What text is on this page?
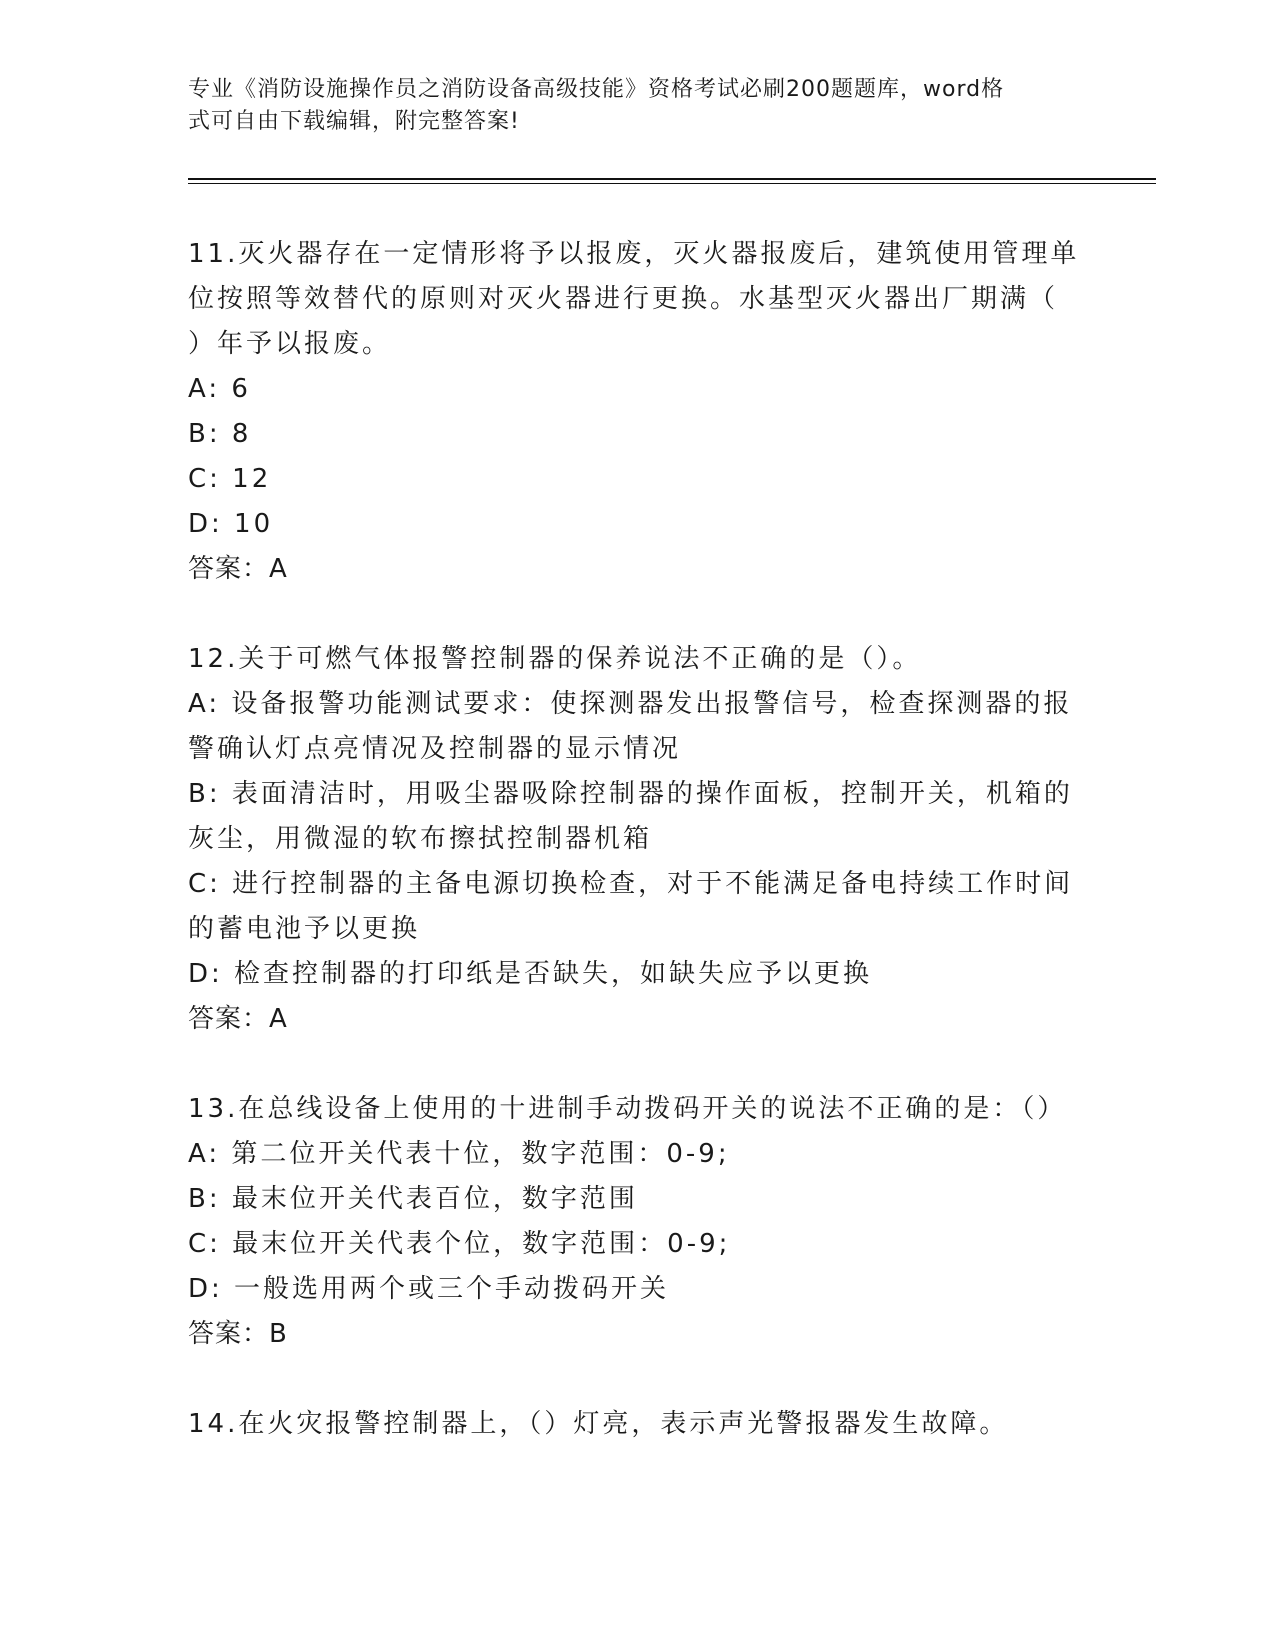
专业《消防设施操作员之消防设备高级技能》资格考试必刷200题题库，word格
式可自由下载编辑，附完整答案!
11.灭火器存在一定情形将予以报废，灭火器报废后，建筑使用管理单
位按照等效替代的原则对灭火器进行更换。水基型灭火器出厂期满（
）年予以报废。
A: 6
B: 8
C: 12
D: 10
答案：A
12.关于可燃气体报警控制器的保养说法不正确的是（）。
A: 设备报警功能测试要求：使探测器发出报警信号，检查探测器的报
警确认灯点亮情况及控制器的显示情况
B: 表面清洁时，用吸尘器吸除控制器的操作面板，控制开关，机箱的
灰尘，用微湿的软布擦拭控制器机箱
C: 进行控制器的主备电源切换检查，对于不能满足备电持续工作时间
的蓄电池予以更换
D: 检查控制器的打印纸是否缺失，如缺失应予以更换
答案：A
13.在总线设备上使用的十进制手动拨码开关的说法不正确的是：（）
A: 第二位开关代表十位，数字范围：0-9;
B: 最末位开关代表百位，数字范围
C: 最末位开关代表个位，数字范围：0-9;
D: 一般选用两个或三个手动拨码开关
答案：B
14.在火灾报警控制器上，（）灯亮，表示声光警报器发生故障。
